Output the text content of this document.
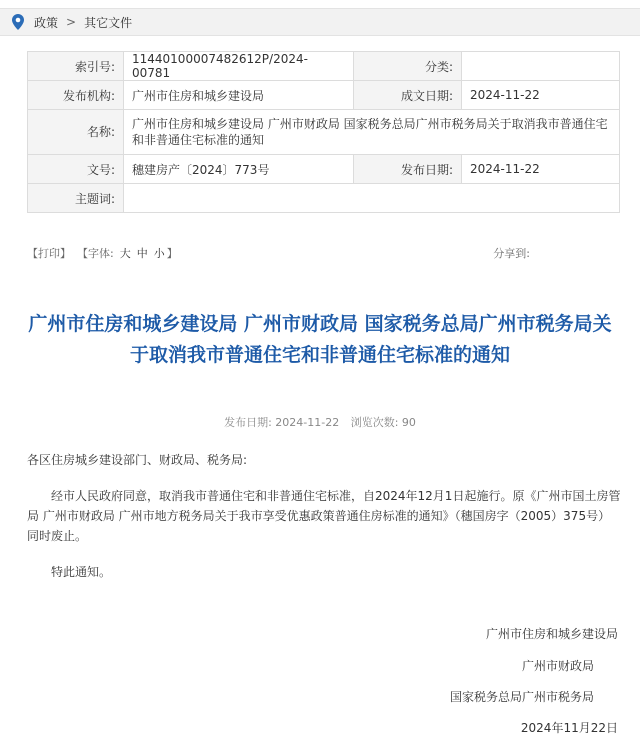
政策 > 其它文件
索引号:	11440100007482612P/2024-00781	分类:	
发布机构:	广州市住房和城乡建设局	成文日期:	2024-11-22
名称:	广州市住房和城乡建设局 广州市财政局 国家税务总局广州市税务局关于取消我市普通住宅和非普通住宅标准的通知		
文号:	穗建房产〔2024〕773号	发布日期:	2024-11-22
主题词:			
【打印】 【字体: 大 中 小 】	分享到:
广州市住房和城乡建设局 广州市财政局 国家税务总局广州市税务局关于取消我市普通住宅和非普通住宅标准的通知
发布日期: 2024-11-22 浏览次数: 90

各区住房城乡建设部门、财政局、税务局:

经市人民政府同意，取消我市普通住宅和非普通住宅标准，自2024年12月1日起施行。原《广州市国土房管局 广州市财政局 广州市地方税务局关于我市享受优惠政策普通住房标准的通知》（穗国房字（2005）375号）同时废止。

特此通知。

广州市住房和城乡建设局
广州市财政局
国家税务总局广州市税务局
2024年11月22日
